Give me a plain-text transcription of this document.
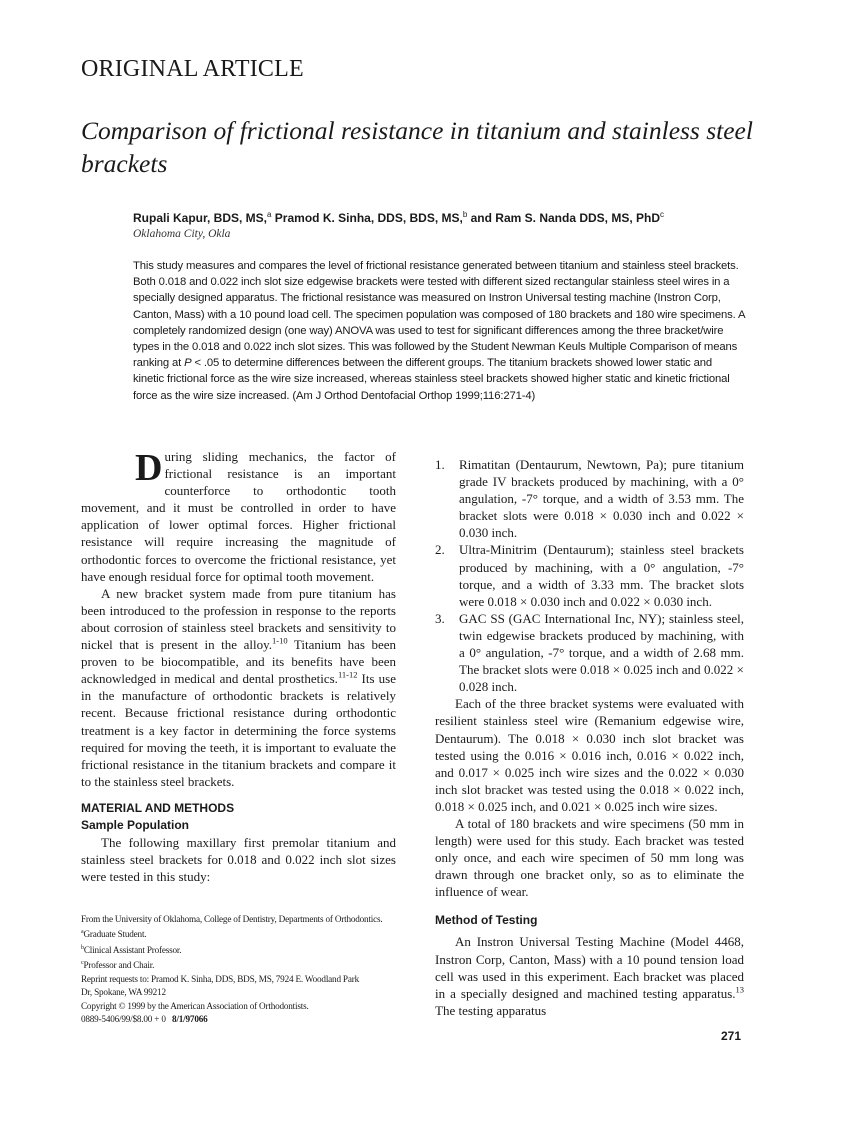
ORIGINAL ARTICLE
Comparison of frictional resistance in titanium and stainless steel brackets
Rupali Kapur, BDS, MS,$^a$ Pramod K. Sinha, DDS, BDS, MS,$^b$ and Ram S. Nanda DDS, MS, PhD$^c$
Oklahoma City, Okla
This study measures and compares the level of frictional resistance generated between titanium and stainless steel brackets. Both 0.018 and 0.022 inch slot size edgewise brackets were tested with different sized rectangular stainless steel wires in a specially designed apparatus. The frictional resistance was measured on Instron Universal testing machine (Instron Corp, Canton, Mass) with a 10 pound load cell. The specimen population was composed of 180 brackets and 180 wire specimens. A completely randomized design (one way) ANOVA was used to test for significant differences among the three bracket/wire types in the 0.018 and 0.022 inch slot sizes. This was followed by the Student Newman Keuls Multiple Comparison of means ranking at P < .05 to determine differences between the different groups. The titanium brackets showed lower static and kinetic frictional force as the wire size increased, whereas stainless steel brackets showed higher static and kinetic frictional force as the wire size increased. (Am J Orthod Dentofacial Orthop 1999;116:271-4)

During sliding mechanics, the factor of frictional resistance is an important counterforce to orthodontic tooth movement, and it must be controlled in order to have application of lower optimal forces. Higher frictional resistance will require increasing the magnitude of orthodontic forces to overcome the frictional resistance, yet have enough residual force for optimal tooth movement.

A new bracket system made from pure titanium has been introduced to the profession in response to the reports about corrosion of stainless steel brackets and sensitivity to nickel that is present in the alloy.$^{1-10}$ Titanium has been proven to be biocompatible, and its benefits have been acknowledged in medical and dental prosthetics.$^{11-12}$ Its use in the manufacture of orthodontic brackets is relatively recent. Because frictional resistance during orthodontic treatment is a key factor in determining the force systems required for moving the teeth, it is important to evaluate the frictional resistance in the titanium brackets and compare it to the stainless steel brackets.

MATERIAL AND METHODS

Sample Population

The following maxillary first premolar titanium and stainless steel brackets for 0.018 and 0.022 inch slot sizes were tested in this study:

From the University of Oklahoma, College of Dentistry, Departments of Orthodontics.
$^a$Graduate Student.
$^b$Clinical Assistant Professor.
$^c$Professor and Chair.
Reprint requests to: Pramod K. Sinha, DDS, BDS, MS, 7924 E. Woodland Park
Dr, Spokane, WA 99212
Copyright © 1999 by the American Association of Orthodontists.
0889-5406/99/$8.00 + 0 8/1/97066
1.	Rimatitan (Dentaurum, Newtown, Pa); pure titanium grade IV brackets produced by machining, with a 0° angulation, -7° torque, and a width of 3.53 mm. The bracket slots were 0.018 × 0.030 inch and 0.022 × 0.030 inch.
2.	Ultra-Minitrim (Dentaurum); stainless steel brackets produced by machining, with a 0° angulation, -7° torque, and a width of 3.33 mm. The bracket slots were 0.018 × 0.030 inch and 0.022 × 0.030 inch.
3.	GAC SS (GAC International Inc, NY); stainless steel, twin edgewise brackets produced by machining, with a 0° angulation, -7° torque, and a width of 2.68 mm. The bracket slots were 0.018 × 0.025 inch and 0.022 × 0.028 inch.

Each of the three bracket systems were evaluated with resilient stainless steel wire (Remanium edgewise wire, Dentaurum). The 0.018 × 0.030 inch slot bracket was tested using the 0.016 × 0.016 inch, 0.016 × 0.022 inch, and 0.017 × 0.025 inch wire sizes and the 0.022 × 0.030 inch slot bracket was tested using the 0.018 × 0.022 inch, 0.018 × 0.025 inch, and 0.021 × 0.025 inch wire sizes.

A total of 180 brackets and wire specimens (50 mm in length) were used for this study. Each bracket was tested only once, and each wire specimen of 50 mm long was drawn through one bracket only, so as to eliminate the influence of wear.

Method of Testing

An Instron Universal Testing Machine (Model 4468, Instron Corp, Canton, Mass) with a 10 pound tension load cell was used in this experiment. Each bracket was placed in a specially designed and machined testing apparatus.$^{13}$ The testing apparatus

271
